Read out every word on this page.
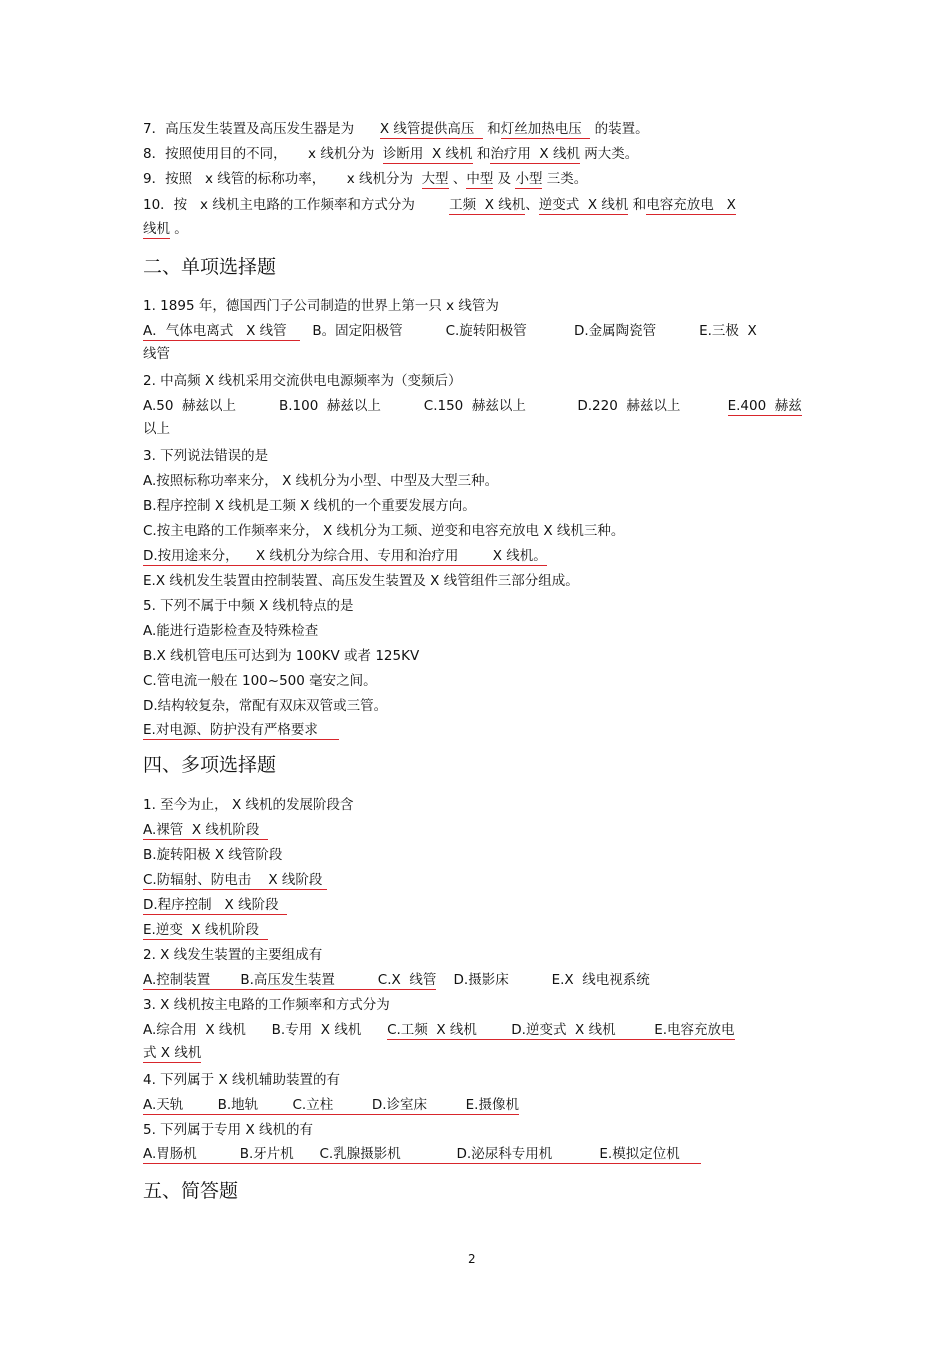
7．高压发生装置及高压发生器是为      X 线管提供高压   和灯丝加热电压   的装置。
8．按照使用目的不同，     x 线机分为  诊断用  X 线机 和治疗用  X 线机 两大类。
9．按照   x 线管的标称功率，     x 线机分为  大型 、中型 及 小型 三类。
10．按   x 线机主电路的工作频率和方式分为        工频  X 线机、逆变式  X 线机 和电容充放电   X
线机 。
二、单项选择题
1. 1895 年，德国西门子公司制造的世界上第一只 x 线管为
A．气体电离式   X 线管      B。固定阳极管          C.旋转阳极管           D.金属陶瓷管          E.三极  X
线管
2. 中高频 X 线机采用交流供电电源频率为（变频后）
A.50  赫兹以上          B.100  赫兹以上          C.150  赫兹以上            D.220  赫兹以上           E.400  赫兹
以上
3. 下列说法错误的是
A.按照标称功率来分， X 线机分为小型、中型及大型三种。
B.程序控制 X 线机是工频 X 线机的一个重要发展方向。
C.按主电路的工作频率来分， X 线机分为工频、逆变和电容充放电 X 线机三种。
D.按用途来分，    X 线机分为综合用、专用和治疗用        X 线机。
E.X 线机发生装置由控制装置、高压发生装置及 X 线管组件三部分组成。
5. 下列不属于中频 X 线机特点的是
A.能进行造影检查及特殊检查
B.X 线机管电压可达到为 100KV 或者 125KV
C.管电流一般在 100~500 毫安之间。
D.结构较复杂，常配有双床双管或三管。
E.对电源、防护没有严格要求
四、多项选择题
1. 至今为止， X 线机的发展阶段含
A.裸管  X 线机阶段
B.旋转阳极 X 线管阶段
C.防辐射、防电击    X 线阶段
D.程序控制   X 线阶段
E.逆变  X 线机阶段
2. X 线发生装置的主要组成有
A.控制装置       B.高压发生装置          C.X  线管    D.摄影床          E.X  线电视系统
3. X 线机按主电路的工作频率和方式分为
A.综合用  X 线机      B.专用  X 线机      C.工频  X 线机        D.逆变式  X 线机         E.电容充放电
式 X 线机
4. 下列属于 X 线机辅助装置的有
A.天轨        B.地轨        C.立柱         D.诊室床         E.摄像机
5. 下列属于专用 X 线机的有
A.胃肠机          B.牙片机      C.乳腺摄影机             D.泌尿科专用机           E.模拟定位机
五、简答题
2
